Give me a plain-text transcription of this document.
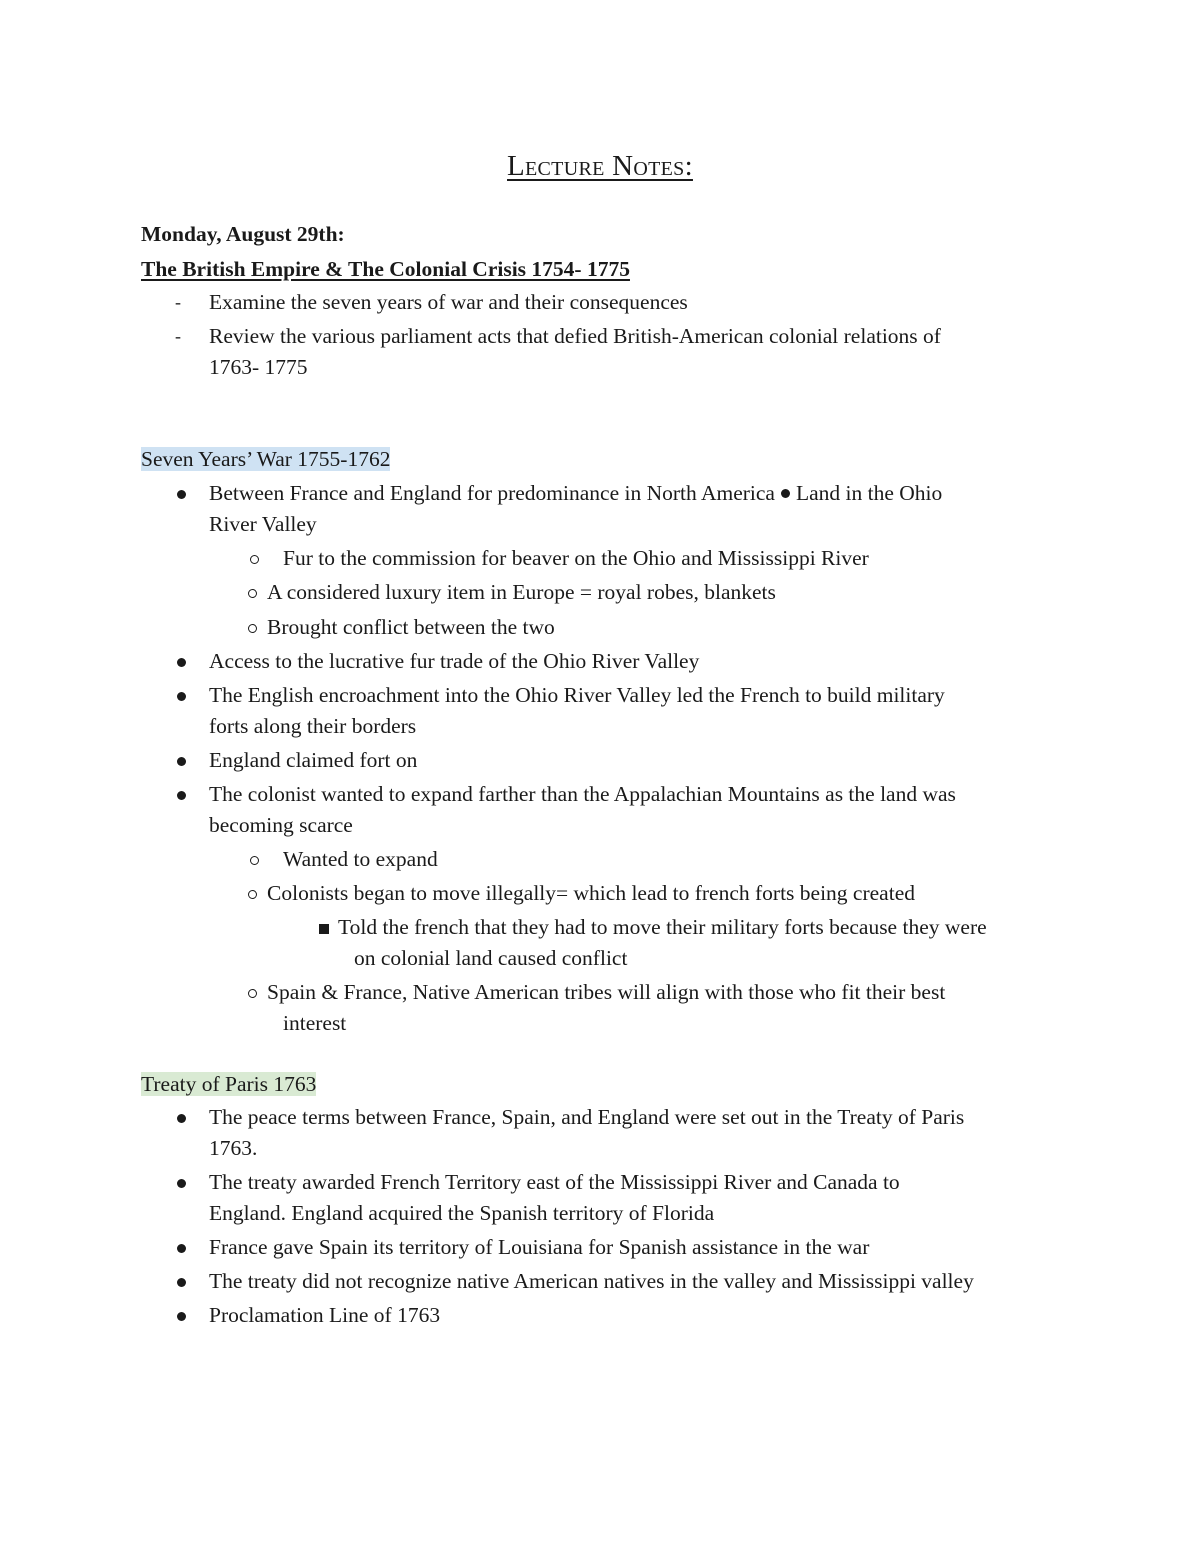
Lecture Notes:
Monday, August 29th:
The British Empire & The Colonial Crisis 1754- 1775
-	Examine the seven years of war and their consequences
-	Review the various parliament acts that defied British-American colonial relations of
1763- 1775
Seven Years’ War 1755-1762
Between France and England for predominance in North America Land in the Ohio
River Valley
Fur to the commission for beaver on the Ohio and Mississippi River
A considered luxury item in Europe = royal robes, blankets
Brought conflict between the two
Access to the lucrative fur trade of the Ohio River Valley
The English encroachment into the Ohio River Valley led the French to build military
forts along their borders
England claimed fort on
The colonist wanted to expand farther than the Appalachian Mountains as the land was
becoming scarce
Wanted to expand
Colonists began to move illegally= which lead to french forts being created
Told the french that they had to move their military forts because they were
on colonial land caused conflict
Spain & France, Native American tribes will align with those who fit their best
interest
Treaty of Paris 1763
The peace terms between France, Spain, and England were set out in the Treaty of Paris
1763.
The treaty awarded French Territory east of the Mississippi River and Canada to
England. England acquired the Spanish territory of Florida
France gave Spain its territory of Louisiana for Spanish assistance in the war
The treaty did not recognize native American natives in the valley and Mississippi valley
Proclamation Line of 1763
